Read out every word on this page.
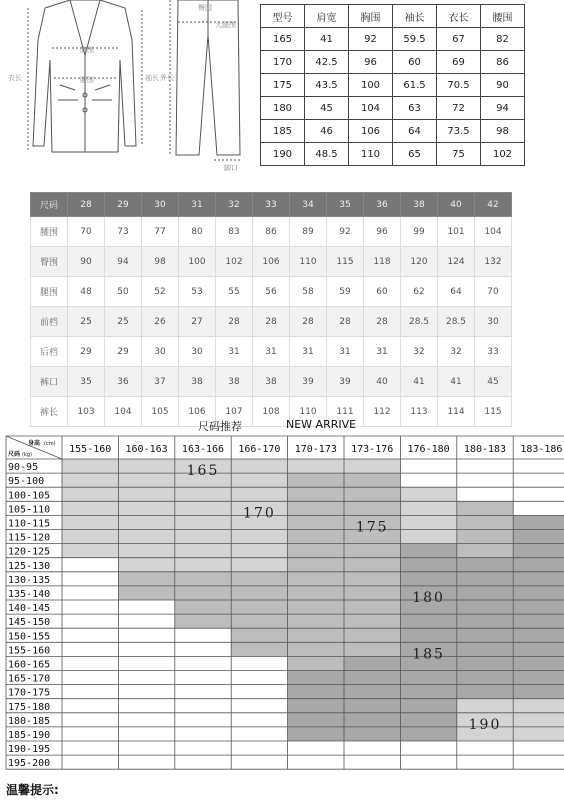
胸围
腰围
衣长	袖长
臀围
大腿围
外长
脚口
型号	肩宽	胸围	袖长	衣长	腰围
165	41	92	59.5	67	82
170	42.5	96	60	69	86
175	43.5	100	61.5	70.5	90
180	45	104	63	72	94
185	46	106	64	73.5	98
190	48.5	110	65	75	102
尺码	28	29	30	31	32	33	34	35	36	38	40	42
腰围	70	73	77	80	83	86	89	92	96	99	101	104
臀围	90	94	98	100	102	106	110	115	118	120	124	132
腿围	48	50	52	53	55	56	58	59	60	62	64	70
前档	25	25	26	27	28	28	28	28	28	28.5	28.5	30
后档	29	29	30	30	31	31	31	31	31	32	32	33
裤口	35	36	37	38	38	38	39	39	40	41	41	45
裤长	103	104	105	106	107	108	110	111	112	113	114	115
尺码推荐	NEW ARRIVE
身高 (cm)
尺码 (kg)	155-160 160-163 163-166 166-170 170-173 173-176 176-180 180-183 183-186
90-95
95-100
100-105
105-110
110-115
115-120
120-125
125-130
130-135
135-140
140-145
145-150
150-155
155-160
160-165
165-170
170-175
175-180
180-185
185-190
190-195
195-200
165
170
175
180
185
190
温馨提示:
